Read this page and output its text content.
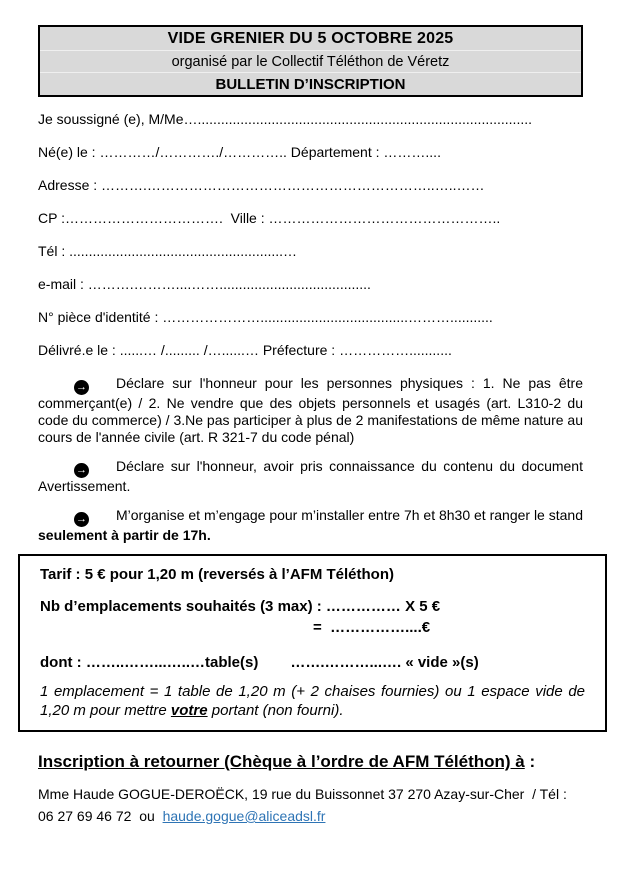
VIDE GRENIER DU 5 OCTOBRE 2025
organisé par le Collectif Téléthon de Véretz
BULLETIN D’INSCRIPTION
Je soussigné (e), M/Me…......................................................................................
Né(e) le : …………/…………./………….. Département : ………....
Adresse : ……….……………………………………………………..…..……
CP :…………………………….  Ville : …………………………………………..
Tél : .......................................................…
e-mail : ……….………....…….......................................
N° pièce d'identité : …………………......................................………...........
Délivré.e le : ......… /......... /…......… Préfecture : ……………...........

→ Déclare sur l'honneur pour les personnes physiques : 1. Ne pas être commerçant(e) / 2. Ne vendre que des objets personnels et usagés (art. L310-2 du code du commerce) / 3.Ne pas participer à plus de 2 manifestations de même nature au cours de l'année civile (art. R 321-7 du code pénal)

→ Déclare sur l'honneur, avoir pris connaissance du contenu du document Avertissement.

→ M’organise et m’engage pour m’installer entre 7h et 8h30 et ranger le stand seulement à partir de 17h.

Tarif : 5 € pour 1,20 m (reversés à l’AFM Téléthon)
Nb d’emplacements souhaités (3 max) : …………… X 5 €
=  ……………....€
dont : ……..……...…..…table(s) …….………...…. « vide »(s)

1 emplacement = 1 table de 1,20 m (+ 2 chaises fournies) ou 1 espace vide de 1,20 m pour mettre votre portant (non fourni).

Inscription à retourner (Chèque à l’ordre de AFM Téléthon) à :

Mme Haude GOGUE-DEROËCK, 19 rue du Buissonnet 37 270 Azay-sur-Cher  / Tél : 06 27 69 46 72  ou  haude.gogue@aliceadsl.fr
